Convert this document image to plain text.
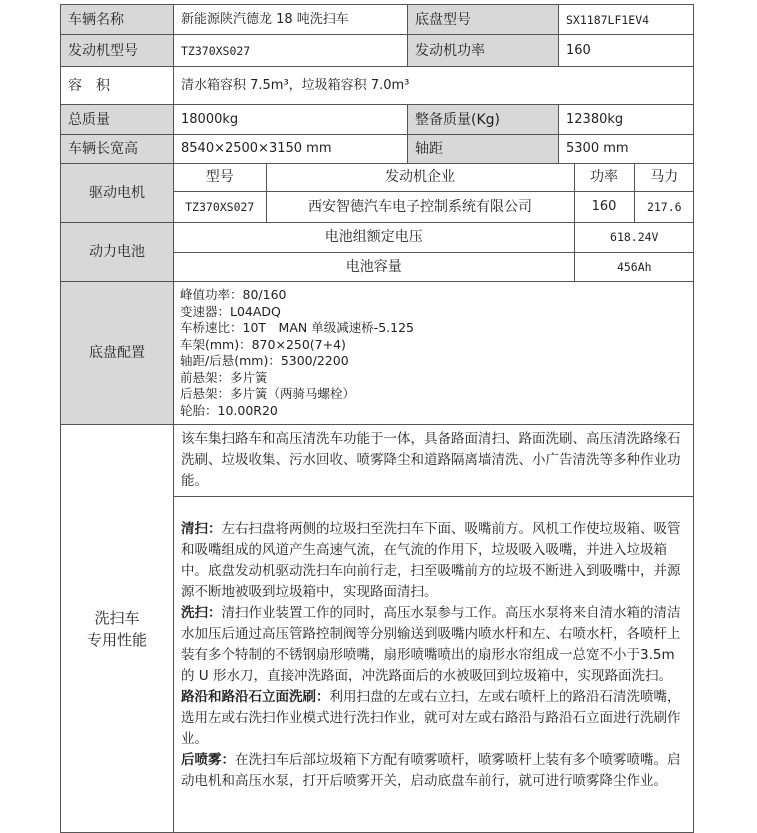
车辆名称	新能源陕汽德龙 18 吨洗扫车	底盘型号	SX1187LF1EV4
发动机型号	TZ370XS027	发动机功率	160
容　积	清水箱容积 7.5m³，垃圾箱容积 7.0m³
总质量	18000kg	整备质量(Kg)	12380kg
车辆长宽高	8540×2500×3150 mm	轴距	5300 mm
驱动电机	
型号	发动机企业	功率	马力
TZ370XS027	西安智德汽车电子控制系统有限公司	160	217.6

动力电池	
电池组额定电压	618.24V
电池容量	456Ah

底盘配置	
峰值功率：80/160
变速器：L04ADQ
车桥速比：10T　MAN 单级减速桥-5.125
车架(mm)：870×250(7+4)
轴距/后悬(mm)：5300/2200
前悬架：多片簧
后悬架：多片簧（两骑马螺栓）
轮胎：10.00R20

洗扫车
专用性能
	该车集扫路车和高压清洗车功能于一体，具备路面清扫、路面洗刷、高压清洗路缘石洗刷、垃圾收集、污水回收、喷雾降尘和道路隔离墙清洗、小广告清洗等多种作业功能。

清扫：左右扫盘将两侧的垃圾扫至洗扫车下面、吸嘴前方。风机工作使垃圾箱、吸管和吸嘴组成的风道产生高速气流，在气流的作用下，垃圾吸入吸嘴，并进入垃圾箱中。底盘发动机驱动洗扫车向前行走，扫至吸嘴前方的垃圾不断进入到吸嘴中，并源源不断地被吸到垃圾箱中，实现路面清扫。
洗扫：清扫作业装置工作的同时，高压水泵参与工作。高压水泵将来自清水箱的清洁水加压后通过高压管路控制阀等分别输送到吸嘴内喷水杆和左、右喷水杆，各喷杆上装有多个特制的不锈钢扇形喷嘴，扇形喷嘴喷出的扇形水帘组成一总宽不小于3.5m 的 U 形水刀，直接冲洗路面，冲洗路面后的水被吸回到垃圾箱中，实现路面洗扫。
路沿和路沿石立面洗刷：利用扫盘的左或右立扫，左或右喷杆上的路沿石清洗喷嘴，选用左或右洗扫作业模式进行洗扫作业，就可对左或右路沿与路沿石立面进行洗刷作业。
后喷雾：在洗扫车后部垃圾箱下方配有喷雾喷杆，喷雾喷杆上装有多个喷雾喷嘴。启动电机和高压水泵，打开后喷雾开关，启动底盘车前行，就可进行喷雾降尘作业。
